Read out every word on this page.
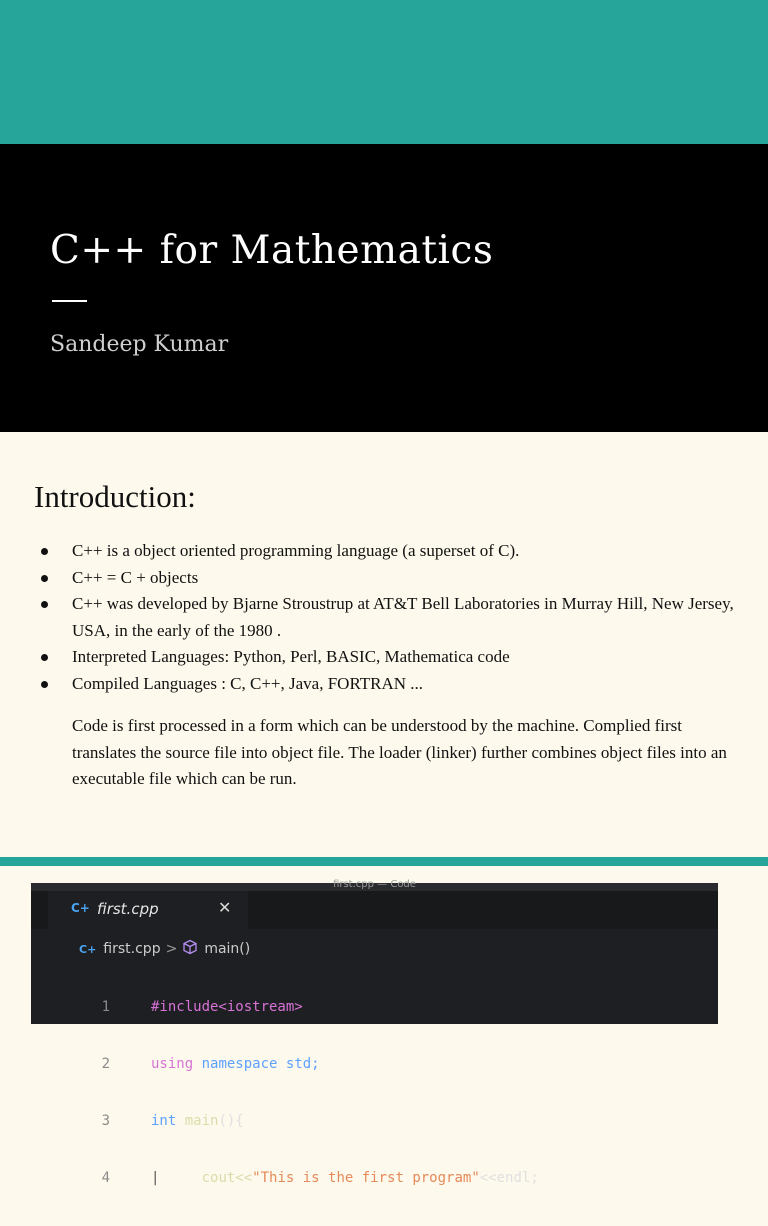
C++ for Mathematics
Sandeep Kumar
Introduction:
C++ is a object oriented programming language (a superset of C).
C++ = C + objects
C++ was developed by Bjarne Stroustrup at AT&T Bell Laboratories in Murray Hill, New Jersey, USA, in the early of the 1980 .
Interpreted Languages: Python, Perl, BASIC, Mathematica code
Compiled Languages : C, C++, Java, FORTRAN ...

Code is first processed in a form which can be understood by the machine. Complied first translates the source file into object file. The loader (linker) further combines object files into an executable file which can be run.

first.cpp — Code
C+ first.cpp	✕
C+ first.cpp > main()

1	#include<iostream>

2	using namespace std;

3	int main(){

4	|	cout<<"This is the first program"<<endl;
